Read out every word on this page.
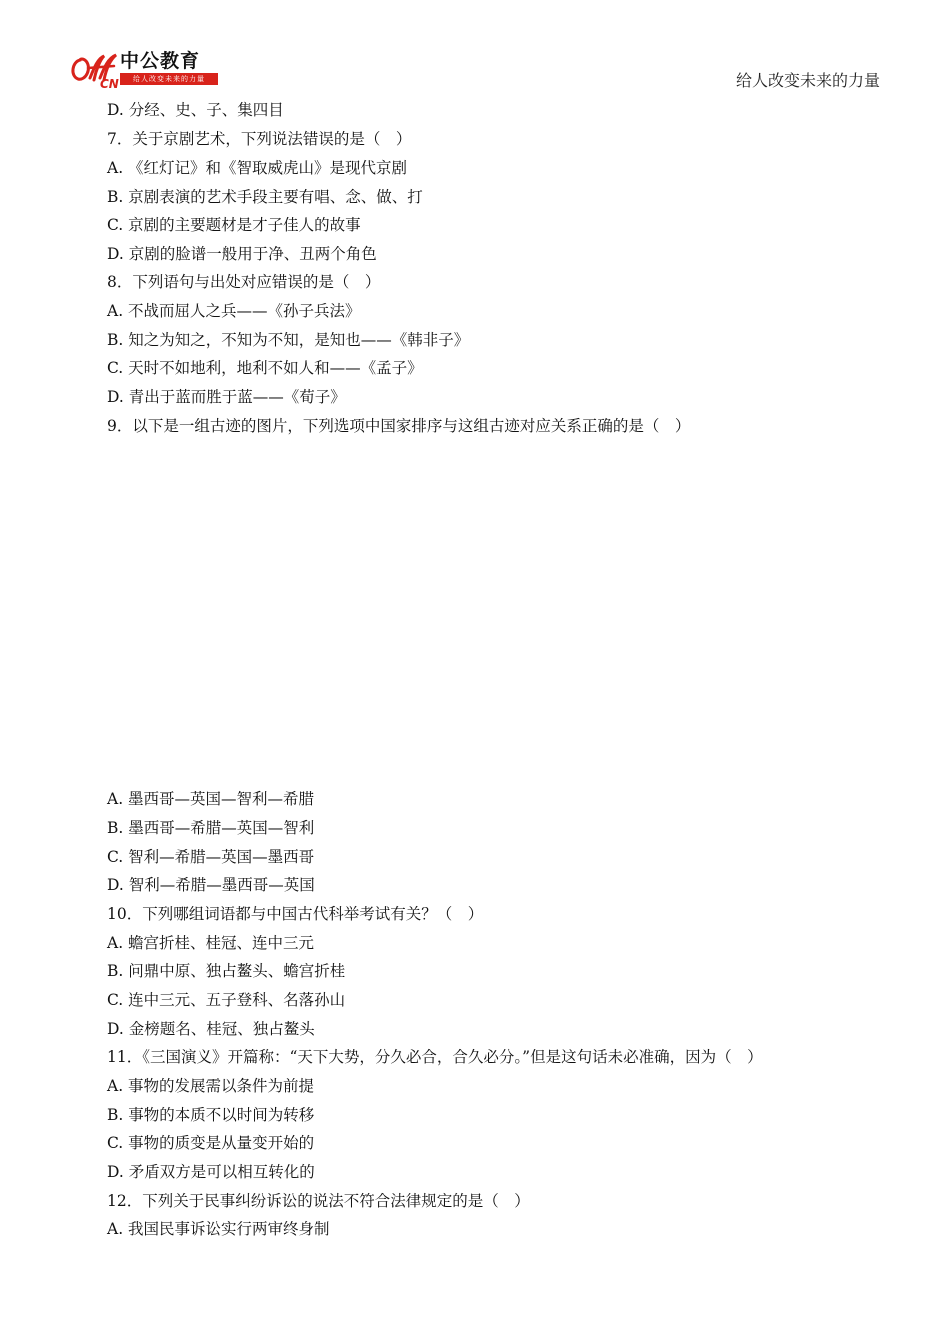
CN
中公教育
给人改变未来的力量	给人改变未来的力量
D. 分经、史、子、集四目
7．关于京剧艺术，下列说法错误的是（　）
A. 《红灯记》和《智取威虎山》是现代京剧
B. 京剧表演的艺术手段主要有唱、念、做、打
C. 京剧的主要题材是才子佳人的故事
D. 京剧的脸谱一般用于净、丑两个角色
8．下列语句与出处对应错误的是（　）
A. 不战而屈人之兵——《孙子兵法》
B. 知之为知之，不知为不知，是知也——《韩非子》
C. 天时不如地利，地利不如人和——《孟子》
D. 青出于蓝而胜于蓝——《荀子》
9．以下是一组古迹的图片，下列选项中国家排序与这组古迹对应关系正确的是（　）
A. 墨西哥—英国—智利—希腊
B. 墨西哥—希腊—英国—智利
C. 智利—希腊—英国—墨西哥
D. 智利—希腊—墨西哥—英国
10．下列哪组词语都与中国古代科举考试有关？（　）
A. 蟾宫折桂、桂冠、连中三元
B. 问鼎中原、独占鳌头、蟾宫折桂
C. 连中三元、五子登科、名落孙山
D. 金榜题名、桂冠、独占鳌头
11．《三国演义》开篇称：“天下大势，分久必合，合久必分。”但是这句话未必准确，因为（　）
A. 事物的发展需以条件为前提
B. 事物的本质不以时间为转移
C. 事物的质变是从量变开始的
D. 矛盾双方是可以相互转化的
12．下列关于民事纠纷诉讼的说法不符合法律规定的是（　）
A. 我国民事诉讼实行两审终身制
